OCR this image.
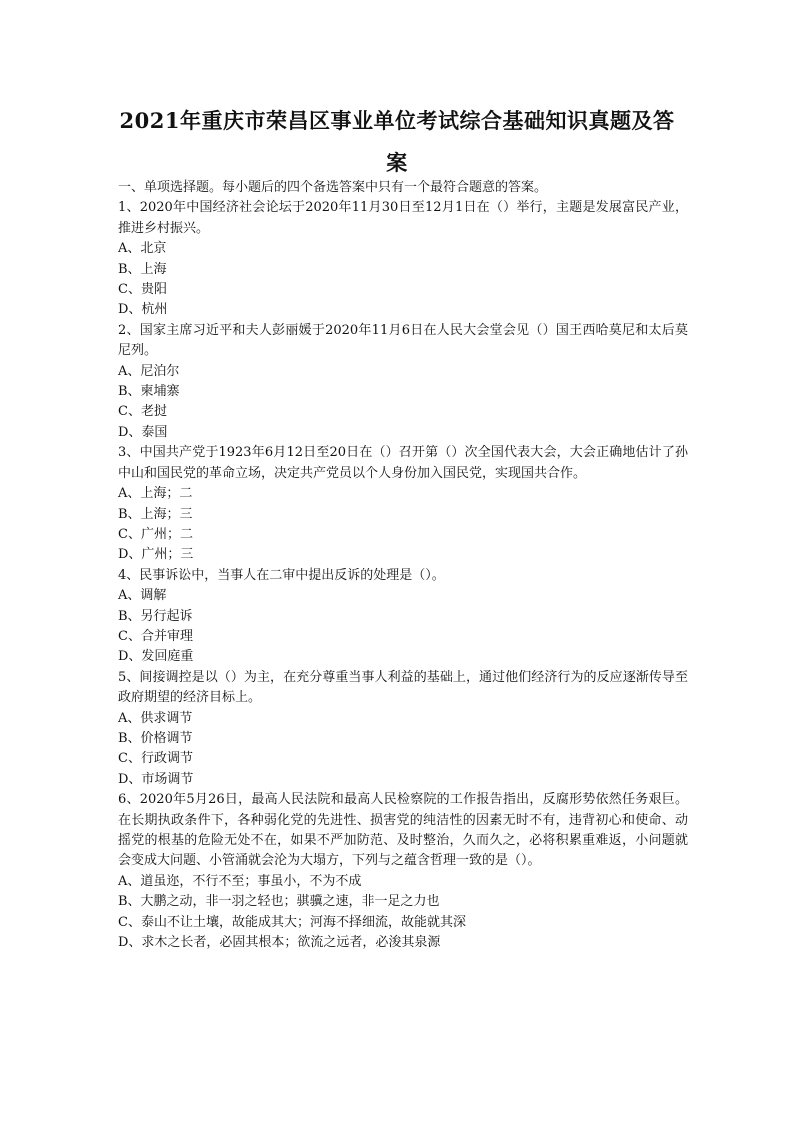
2021年重庆市荣昌区事业单位考试综合基础知识真题及答案

一、单项选择题。每小题后的四个备选答案中只有一个最符合题意的答案。

1、2020年中国经济社会论坛于2020年11月30日至12月1日在（）举行，主题是发展富民产业，推进乡村振兴。

A、北京

B、上海

C、贵阳

D、杭州

2、国家主席习近平和夫人彭丽媛于2020年11月6日在人民大会堂会见（）国王西哈莫尼和太后莫尼列。

A、尼泊尔

B、柬埔寨

C、老挝

D、泰国

3、中国共产党于1923年6月12日至20日在（）召开第（）次全国代表大会，大会正确地估计了孙中山和国民党的革命立场，决定共产党员以个人身份加入国民党，实现国共合作。

A、上海；二

B、上海；三

C、广州；二

D、广州；三

4、民事诉讼中，当事人在二审中提出反诉的处理是（）。

A、调解

B、另行起诉

C、合并审理

D、发回庭重

5、间接调控是以（）为主，在充分尊重当事人利益的基础上，通过他们经济行为的反应逐渐传导至政府期望的经济目标上。

A、供求调节

B、价格调节

C、行政调节

D、市场调节

6、2020年5月26日，最高人民法院和最高人民检察院的工作报告指出，反腐形势依然任务艰巨。在长期执政条件下，各种弱化党的先进性、损害党的纯洁性的因素无时不有，违背初心和使命、动摇党的根基的危险无处不在，如果不严加防范、及时整治，久而久之，必将积累重难返，小问题就会变成大问题、小管涌就会沦为大塌方，下列与之蕴含哲理一致的是（）。

A、道虽迩，不行不至；事虽小，不为不成

B、大鹏之动，非一羽之轻也；骐骥之速，非一足之力也

C、泰山不让土壤，故能成其大；河海不择细流，故能就其深

D、求木之长者，必固其根本；欲流之远者，必浚其泉源
